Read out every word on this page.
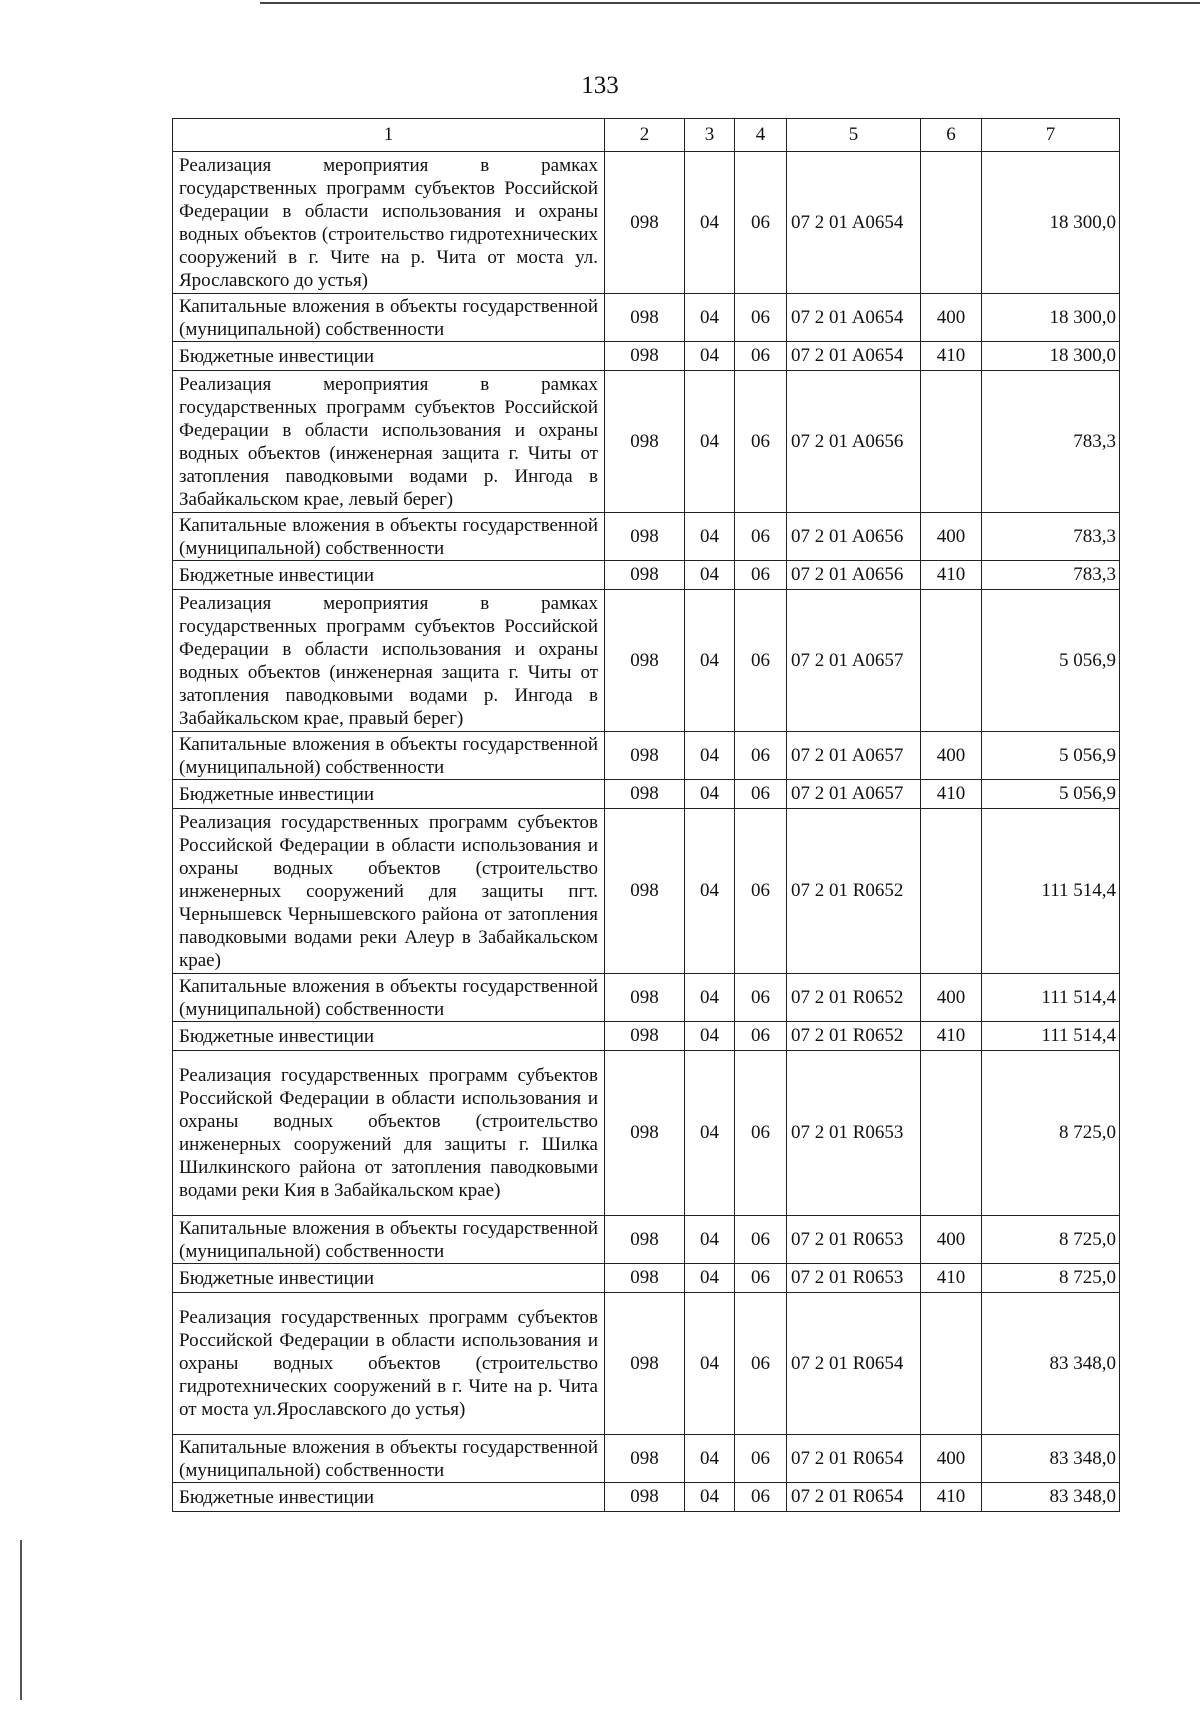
133
1	2	3	4	5	6	7
Реализация мероприятия в рамках государственных программ субъектов Российской Федерации в области использования и охраны водных объектов (строительство гидротехнических сооружений в г. Чите на р. Чита от моста ул. Ярославского до устья)	098	04	06	07 2 01 A0654		18 300,0
Капитальные вложения в объекты государственной (муниципальной) собственности	098	04	06	07 2 01 A0654	400	18 300,0
Бюджетные инвестиции	098	04	06	07 2 01 A0654	410	18 300,0
Реализация мероприятия в рамках государственных программ субъектов Российской Федерации в области использования и охраны водных объектов (инженерная защита г. Читы от затопления паводковыми водами р. Ингода в Забайкальском крае, левый берег)	098	04	06	07 2 01 A0656		783,3
Капитальные вложения в объекты государственной (муниципальной) собственности	098	04	06	07 2 01 A0656	400	783,3
Бюджетные инвестиции	098	04	06	07 2 01 A0656	410	783,3
Реализация мероприятия в рамках государственных программ субъектов Российской Федерации в области использования и охраны водных объектов (инженерная защита г. Читы от затопления паводковыми водами р. Ингода в Забайкальском крае, правый берег)	098	04	06	07 2 01 A0657		5 056,9
Капитальные вложения в объекты государственной (муниципальной) собственности	098	04	06	07 2 01 A0657	400	5 056,9
Бюджетные инвестиции	098	04	06	07 2 01 A0657	410	5 056,9
Реализация государственных программ субъектов Российской Федерации в области использования и охраны водных объектов (строительство инженерных сооружений для защиты пгт. Чернышевск Чернышевского района от затопления паводковыми водами реки Алеур в Забайкальском крае)	098	04	06	07 2 01 R0652		111 514,4
Капитальные вложения в объекты государственной (муниципальной) собственности	098	04	06	07 2 01 R0652	400	111 514,4
Бюджетные инвестиции	098	04	06	07 2 01 R0652	410	111 514,4
Реализация государственных программ субъектов Российской Федерации в области использования и охраны водных объектов (строительство инженерных сооружений для защиты г. Шилка Шилкинского района от затопления паводковыми водами реки Кия в Забайкальском крае)	098	04	06	07 2 01 R0653		8 725,0
Капитальные вложения в объекты государственной (муниципальной) собственности	098	04	06	07 2 01 R0653	400	8 725,0
Бюджетные инвестиции	098	04	06	07 2 01 R0653	410	8 725,0
Реализация государственных программ субъектов Российской Федерации в области использования и охраны водных объектов (строительство гидротехнических сооружений в г. Чите на р. Чита от моста ул.Ярославского до устья)	098	04	06	07 2 01 R0654		83 348,0
Капитальные вложения в объекты государственной (муниципальной) собственности	098	04	06	07 2 01 R0654	400	83 348,0
Бюджетные инвестиции	098	04	06	07 2 01 R0654	410	83 348,0
